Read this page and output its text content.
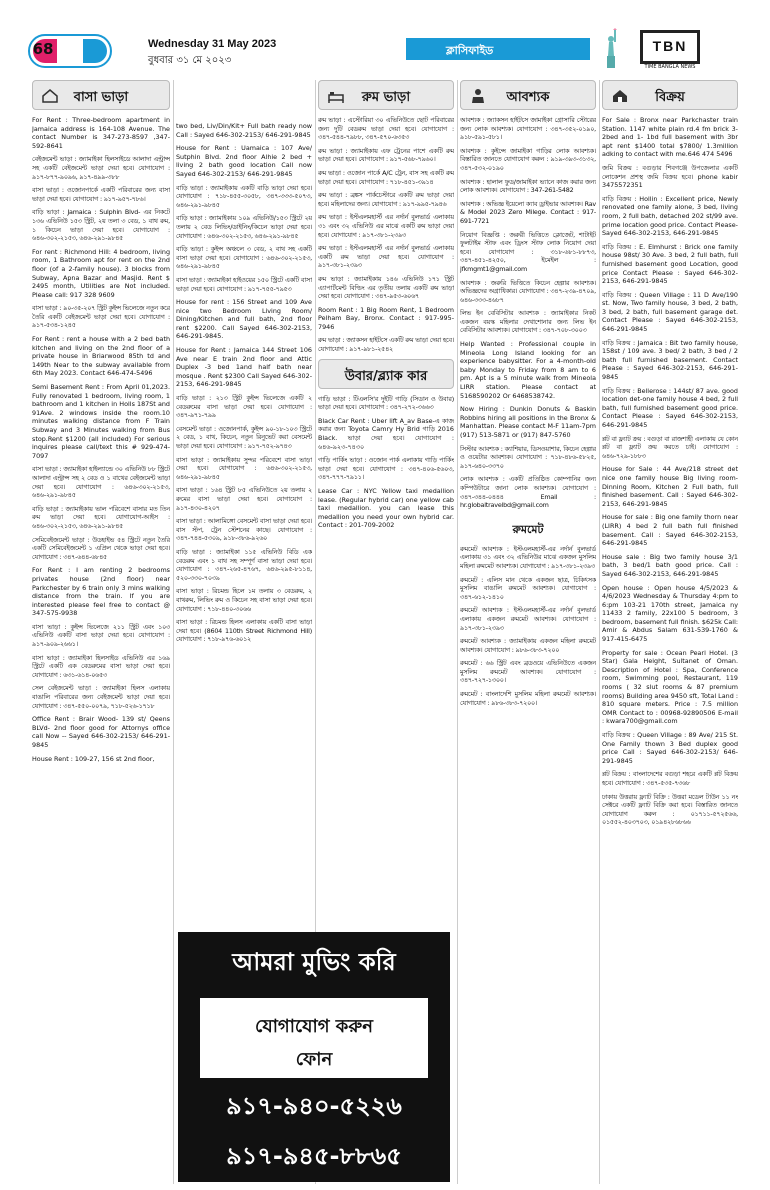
68	Wednesday 31 May 2023
বুধবার ৩১ মে ২০২৩
ক্লাসিফাইড	TBN
TIME BANGLA NEWS
বাসা ভাড়া
For Rent : Three-bedroom apartment in Jamaica address is 164-108 Avenue. The contact Number is 347-273-8597 ,347-592-8641
বেইজমেন্ট ভাড়া : জ্যামাইকা হিলসাইডে আলাদা এন্ট্রান্স সহ একটি বেইজমেন্ট ভাড়া দেয়া হবে। যোগাযোগ : ৯১৭-৮৭৭-৯০৯৬, ৯১৭-৪৯৯-৩৮৮
বাসা ভাড়া : ওজোনপার্কে একটি পরিবারের জন্য বাসা ভাড়া দেয়া হবে। যোগাযোগ : ৯১৭-৯৫৭-৭৮৬।
বাড়ি ভাড়া : Jamaica : Sulphin Blvd- এর নিকটে ১৩৬ এভিনিউ ১৫৩ স্ট্রিট, ২য় তলা ৩ বেড, ১ বাথ রুম, ১ কিচেন ভাড়া দেয়া হবে। যোগাযোগ : ৬৪৬-৩০২-২১৫৩, ৬৪৬-২৯১-৯৮৪৫
For rent : Richmond Hill: 4 bedroom, living room, 1 Bathroom apt for rent on the 2nd floor (of a 2-family house). 3 blocks from Subway, Apna Bazar and Masjid. Rent $ 2495 month, Utilities are Not included. Please call: 917 328 9609
বাসা ভাড়া : ৯০-৩৫-২০৭ স্ট্রিট কুইন্স ভিলেজে নতুন করে তৈরি একটি বেইজমেন্ট ভাড়া দেয়া হবে। যোগাযোগ : ৯১৭-৫৩৪-১২৪৫
For Rent : rent a house with a 2 bed bath kitchen and living on the 2nd floor of a private house in Briarwood 85th td and 149th Near to the subway available from 6th May 2023. Contact 646-474-5496
Semi Basement Rent : From April 01,2023. Fully renovated 1 bedroom, living room, 1 bathroom and 1 kitchen in Holls 187St and 91Ave. 2 windows inside the room.10 minutes walking distance from F Train Subway and 3 Minutes walking from Bus stop.Rent $1200 (all included) For serious inquires please call/text this # 929-474-7097
বাসা ভাড়া : জ্যামাইকা হাইল্যান্ডে ৩০ এভিনিউ ৮৮ স্ট্রিটে আলাদা এন্ট্রান্স সহ ২ বেড ও ১ বাথের বেইজমেন্ট ভাড়া দেয়া হবে। যোগাযোগ : ৬৪৬-৩০২-২১৫৩, ৬৪৬-২৯১-৯৮৪৫
বাড়ি ভাড়া : জ্যামাইকায় ভাল পরিবেশে বাসার মত তিন রুম ভাড়া দেয়া হবে। যোগাযোগ-আইস : ৬৪৬-৩০২-২১৫৩, ৬৪৬-২৯১-৯৮৪৫
সেমিবেইজমেন্ট ভাড়া : উডহাইভ ৫৪ স্ট্রিটে নতুন তৈরি একটি সেমিবেইজমেন্ট ১ এপ্রিল থেকে ভাড়া দেয়া হবে। যোগাযোগ : ৩৪৭-৬৪৪-৬৮৪৫
For Rent : I am renting 2 bedrooms privates house (2nd floor) near Parkchester by 6 train only 3 mins walking distance from the train. If you are interested please feel free to contact @ 347-575-9938
বাসা ভাড়া : কুইন্স ভিলেজে ২১১ স্ট্রিট এবং ১০৩ এভিনিউ একটি বাসা ভাড়া দেয়া হবে। যোগাযোগ : ৯১৭-৯০৯-২৬৬১।
বাসা ভাড়া : জ্যামাইকা হিলসাইড এভিনিউ এর ১৬৯ স্ট্রিটে একটি এক বেডরুমের বাসা ভাড়া দেয়া হবে। যোগাযোগ : ৬৩১-৬১৪-০৬৫৩
সেল বেইজমেন্ট ভাড়া : জ্যামাইকা হিলস এলাকায় বাঙালি পরিবারের জন্য বেইজমেন্ট ভাড়া দেয়া হবে। যোগাযোগ : ৩৪৭-৫৫০-০০৭৯, ৭১৮-৫২৬-১৭১৮
Office Rent : Brair Wood- 139 st/ Qeens BLVd- 2nd floor good for Attornys office call Now -- Sayed 646-302-2153/ 646-291-9845
House Rent : 109-27, 156 st 2nd floor,
two bed, Liv/Din/Kit+ Full bath ready now Call : Sayed 646-302-2153/ 646-291-9845
House for Rent : Uamaica : 107 Ave/ Sutphin Blvd. 2nd floor Alhie 2 bed + living 2 bath good location Call now Sayed 646-302-2153/ 646-291-9845
বাড়ি ভাড়া : জ্যামাইকায় একটি বাড়ি ভাড়া দেয়া হবে। যোগাযোগ : ৭১৮-৪৫৫-৩০৫৮, ৩৪৭-৩৩৩-৫০৭৩, ৬৪৬-২৯১-৯৮৪৫
বাড়ি ভাড়া : জ্যামাইকায় ১০৯ এভিনিউ/১৫৩ স্ট্রিটে ২য় তলায় ২ বেড লিভিং/ডাইনিং/কিচেন ভাড়া দেয়া হবে। যোগাযোগ : ৬৪৬-৩০২-২১৫৩, ৬৪৬-২৯১-৯৮৪৫
বাড়ি ভাড়া : কুইন্স অঞ্চলে ৩ বেড, ২ বাথ সহ একটি বাসা ভাড়া দেয়া হবে। যোগাযোগ : ৬৪৬-৩০২-২১৫৩, ৬৪৬-২৯১-৯৮৪৫
বাসা ভাড়া : জ্যামাইকা হাইওয়ের ১৫০ স্ট্রিটে একটি বাসা ভাড়া দেয়া হবে। যোগাযোগ : ৯১৭-৭৫৫-৭৯৫৩
House for rent : 156 Street and 109 Ave nice two Bedroom Living Room/ Dining/Kitchen and full bath, 2nd floor rent $2200. Call Sayed 646-302-2153, 646-291-9845.
House for Rent : Jamaica 144 Street 106 Ave near E train 2nd floor and Attic Duplex -3 bed 1and half bath near mosque . Rent $2300 Call Sayed 646-302-2153, 646-291-9845
বাড়ি ভাড়া : ২১৩ স্ট্রিট কুইন্স ভিলেজে একটি ২ বেডরুমের বাসা ভাড়া দেয়া হবে। যোগাযোগ : ৩৪৭-৯৭১-৭৯৯
বেসমেন্ট ভাড়া : ওজোনপার্ক, কুইন্স ৯০-১৮-১০৩ স্ট্রিটে ২ বেড, ১ বাথ, কিচেন, নতুন রিনুভেট করা বেসমেন্ট ভাড়া দেয়া হবে। যোগাযোগ : ৯১৭-৭৫২-৯৭৪৩
বাসা ভাড়া : জ্যামাইকায় সুন্দর পরিবেশে বাসা ভাড়া দেয়া হবে। যোগাযোগ : ৬৪৬-৩০২-২১৫৩, ৬৪৬-২৯১-৯৮৪৫
বাসা ভাড়া : ১৬৪ স্ট্রিট ৮৫ এভিনিউতে ২য় তলায় ২ রুমের বাসা ভাড়া দেয়া হবে। যোগাযোগ : ৯১৭-৪৩০-৪২০৭
বাসা ভাড়া : আলামিঙ্গো বেসমেন্ট বাসা ভাড়া দেয়া হবে। বাস স্টপ, ট্রেন স্টেশনের কাছে। যোগাযোগ : ৩৪৭-৭৪৪-৫৩০৯, ৯১৮-৩৮৬-৯২৬০
বাড়ি ভাড়া : জ্যামাইকা ১১৫ এভিনিউ বিডি এক বেডরুম এবং ১ বাথ সহ সম্পূর্ণ বাসা ভাড়া দেয়া হবে। যোগাযোগ : ৩৪৭-২৬৫-৪৭৬৭, ৬৪৬-২৯৫-৮১১৪, ৫২০-৩৩০-৭০৩৯
বাসা ভাড়া : রিচমন্ড হিলে ১ম তলায় ৩ বেডরুম, ২ বাথরুম, লিভিং রুম ও কিচেন সহ বাসা ভাড়া দেয়া হবে। যোগাযোগ : ৭১৮-৪৪০-৩০৬৬
বাসা ভাড়া : রিচমন্ড হিলস এলাকায় একটি বাসা ভাড়া দেয়া হবে। (8604 110th Street Richmond Hill) যোগাযোগ : ৭১৮-৯৭৬-৬০১২
রুম ভাড়া
রুম ভাড়া : এস্টোরিয়া ৩০ এভিনিউতে ছোট পরিবারের জন্য দুটি বেডরুম ভাড়া দেয়া হবে। যোগাযোগ : ৩৪৭-৫৪৪-৭৯৮৮, ৩৪৭-৫৭০-৬৩৫৩
রুম ভাড়া : জ্যামাইকায় এফ ট্রেনের পাশে একটি রুম ভাড়া দেয়া হবে। যোগাযোগ : ৯১৭-৫৬৮-৭৯৬০।
রুম ভাড়া : ওজোন পার্কে A/C ট্রেন, বাস সহ একটি রুম ভাড়া দেয়া হবে। যোগাযোগ : ৭১৮-৪৫১-৩৯১৪
রুম ভাড়া : ব্রঙ্কস পার্কচেস্টারে একটি রুম ভাড়া দেয়া হবে। মহিলাদের জন্য। যোগাযোগ : ৯১৭-৯৯৫-৭৯৪৬
রুম ভাড়া : ইস্টএলমহার্স্ট এর নর্দার্ন বুলভার্ড এলাকায় ৩১ এবং ৩২ এভিনিউ এর মাঝে একটি রুম ভাড়া দেয়া হবে। যোগাযোগ : ৯১৭-৩৮১-২৩৯৩
রুম ভাড়া : ইস্টএলমহার্স্ট এর নর্দার্ন বুলভার্ড এলাকায় একটি রুম ভাড়া দেয়া হবে। যোগাযোগ : ৯১৭-৩৮১-২৩৯৩
রুম ভাড়া : জ্যামাইকায় ১৪৬ এভিনিউ ১৭১ স্ট্রিট এ্যাপার্টমেন্ট বিল্ডিং এর তৃতীয় তলায় একটি রুম ভাড়া দেয়া হবে। যোগাযোগ : ৩৪৭-৯৫৩-৬০৬৭
Room Rent : 1 Big Room Rent, 1 Bedroom Pelham Bay, Bronx. Contact : 917-995-7946
রুম ভাড়া : জ্যাকসন হাইটসে একটি রুম ভাড়া দেয়া হবে। যোগাযোগ : ৯১৭-৯৮১-২৫৪২
উবার/ব্ল্যাক কার
গাড়ি ভাড়া : টিএলসি'র দুইটি গাড়ি (সিডান ও উবার) ভাড়া দেয়া হবে। যোগাযোগ : ৩৪৭-২৭২-৩৬৬৩
Black Car Rent : Uber lift A_av Base-এ কাজ করার জন্য Toyota Camry Hy Brid গাড়ি 2016 Black. ভাড়া দেয়া হবে। যোগাযোগ : ৬৪৬-৯২৩-৭৪৩০
গাড়ি পার্কিং ভাড়া : ওজোন পার্ক এলাকায় গাড়ি পার্কিং ভাড়া দেয়া হবে। যোগাযোগ : ৩৪৭-৪০৬-৫৬০৩, ৩৪৭-৭৭৭-৭৯১১।
Lease Car : NYC Yellow taxi medallion lease. (Regular hybrid car) one yellow cab taxi medallion. you can lease this medallion you need your own hybrid car. Contact : 201-709-2002
আবশ্যক
আবশ্যক : জ্যাকসন হাইটসে জামাইকা গ্রোসারি স্টোরের জন্য লোক আবশ্যক। যোগাযোগ : ৩৪৭-৩৫২-০১৯০, ৯১৮-৫৯১-৫৮১।
আবশ্যক : কুইন্সে জামাইকা গাড়ির লোক আবশ্যক। বিস্তারিত জানতে যোগাযোগ করুন : ৯১৯-৩৯৩-৩১৩২, ৩৪৭-৫৩২-০১৯০
আবশ্যক : হালাল ফুড/জামাইকা ভ্যানে কাজ করার জন্য লোক আবশ্যক। যোগাযোগ : 347-261-5482
আবশ্যক : অভিজ্ঞ ইয়েলো ক্যাব ড্রাইভার আবশ্যক। Rav & Model 2023 Zero Milege. Contact : 917-691-7721
নিয়োগ বিজ্ঞপ্তি : জরুরী ভিত্তিতে ক্লোজেট, শাটাইট ফুলটাইম স্টাফ এবং ড্রিংস স্টাফ লোক নিয়োগ দেয়া হবে। যোগাযোগ : ৩১৮-৬৮১-৮৮৭৩, ৩৪৭-৪৫১-৪২৫০, ইমেইল : jfkmgmt1@gmail.com
আবশ্যক : জরুরি ভিত্তিতে কিচেন হেল্পার আবশ্যক। অভিজ্ঞদের অগ্রাধিকার। যোগাযোগ : ৩৪৭-২৩৯-৪৭০৯, ৬৪৬-৩৩৩-৪৬৮৭
লিভ ইন বেবিসিটার আবশ্যক : জ্যামাইকার নিকট একজন বয়স্ক মহিলার দেখাশোনার জন্য লিভ ইন বেবিসিটার আবশ্যক। যোগাযোগ : ৩৪৭-৭০৮-৩০০৩
Help Wanted : Professional couple in Mineola Long Island looking for an experience babysitter. For a 4-month-old baby Monday to Friday from 8 am to 6 pm. Apt is a 5 minute walk from Mineola LIRR station. Please contact at 5168590202 Or 6468538742.
Now Hiring : Dunkin Donuts & Baskin Robbins hiring all positions in the Bronx & Manhattan. Please contact M-F 11am-7pm (917) 513-5871 or (917) 847-5760
সিস্টার আবশ্যক : ক্যাশিয়ার, ডিসওয়াশার, কিচেন হেল্পার ও ওয়েটার আবশ্যক। যোগাযোগ : ৭১৮-৪৮৬-৫৮২৫, ৯১৭-৬৪০-৩৩৭০
লোক আবশ্যক : একটি প্রতিষ্ঠিত কোম্পানির জন্য কম্পিউটারে জানা লোক আবশ্যক। যোগাযোগ : ৩৪৭-৩৪৪-০৪৪৪ Email : hr.globaltravelbd@gmail.com
রুমমেট
রুমমেট আবশ্যক : ইস্টএলমহার্স্ট-এর নর্দার্ন বুলভার্ড এলাকায় ৩১ এবং ৩২ এভিনিউর মাঝে একজন মুসলিম মহিলা রুমমেট আবশ্যক। যোগাযোগ : ৯১৭-৩৮১-২৩৯৩
রুমমেট : এলিস মান থেকে একজন ছাত্র, চিকিৎসক মুসলিম বাঙালি রুমমেট আবশ্যক। যোগাযোগ : ৩৪৭-৬১২-১৪১০
রুমমেট আবশ্যক : ইস্টএলমহার্স্ট-এর নর্দার্ন বুলভার্ড এলাকায় একজন রুমমেট আবশ্যক। যোগাযোগ : ৯১৭-৩৮১-২৩৯৩
রুমমেট আবশ্যক : জ্যামাইকায় একজন মহিলা রুমমেট আবশ্যক। যোগাযোগ : ৯৮৬-৩৮৩-৭২০০
রুমমেট : ৬৬ স্ট্রিট এবং ব্রডওয়ে এভিনিউতে একজন মুসলিম রুমমেট আবশ্যক। যোগাযোগ : ৩৪৭-৭২৭-১৩০০।
রুমমেট : বাংলাদেশি মুসলিম মহিলা রুমমেট আবশ্যক। যোগাযোগ : ৯৮৬-৩৮৩-৭২০০।
বিক্রয়
For Sale : Bronx near Parkchaster train Station. 1147 white plain rd.4 fm brick 3-2bed and 1- 1bd full basement with 3br apt rent $1400 total $7800/ 1.3million adking to contact with me.646 474 5496
জমি বিক্রয় : বগুড়ার শিবগঞ্জে উপজেলার একটি লোকেশন প্রশস্থ জমি বিক্রয় হবে। phone kabir 3475572351
বাড়ি বিক্রয় : Hollin : Excellent price, Newly renovated one family alone, 3 bed, living room, 2 full bath, detached 202 st/99 ave. prime location good price. Contact Please- Sayed 646-302-2153, 646-291-9845
বাড়ি বিক্রয় : E. Elmhurst : Brick one family house 98st/ 30 Ave. 3 bed, 2 full bath, full furnished basement good Location, good price Contact Please : Sayed 646-302-2153, 646-291-9845
বাড়ি বিক্রয় : Queen Village : 11 D Ave/190 st. Now, Two family house, 3 bed, 2 bath, 3 bed, 2 bath, full basement garage det. Contact Please : Sayed 646-302-2153, 646-291-9845
বাড়ি বিক্রয় : Jamaica : Bit two family house, 158st / 109 ave. 3 bed/ 2 bath, 3 bed / 2 bath full furnished basement. Contact Please : Sayed 646-302-2153, 646-291-9845
বাড়ি বিক্রয় : Bellerose : 144st/ 87 ave. good location det-one family house 4 bed, 2 full bath, full furnished basement good price. Contact Please : Sayed 646-302-2153, 646-291-9845
প্লট বা ফ্ল্যাট ক্রয় : বগুড়া বা রাজশাহী এলাকায় যে কোন প্লট বা ফ্ল্যাট ক্রয় করতে চাই। যোগাযোগ : ৬৪৬-৭২৯-১৮৮৩
House for Sale : 44 Ave/218 street det nice one family house Big living room- Dinning Room, Kitchen 2 Full bath, full finished basement. Call : Sayed 646-302-2153, 646-291-9845
House for sale : Big one family thorn near (LIRR) 4 bed 2 full bath full finished basement. Call : Sayed 646-302-2153, 646-291-9845
House sale : Big two family house 3/1 bath, 3 bed/1 bath good price. Call : Sayed 646-302-2153, 646-291-9845
Open house : Open house 4/5/2023 & 4/6/2023 Wednesday & Thursday 4:pm to 6:pm 103-21 170th street, Jamaica ny 11433 2 family, 22x100 5 bedroom, 3 bedroom, basement full finish. $625k Call: Amir & Abdus Salam 631-539-1760 & 917-415-6475
Property for sale : Ocean Pearl Hotel. (3 Star) Gala Height, Sultanet of Oman. Description of Hotel : Spa, Conference room, Swimming pool, Restaurant, 119 rooms ( 32 slut rooms & 87 premium rooms) Building area 9450 sft, Total Land : 810 square meters. Price : 7.5 million OMR Contact to : 00968-92890506 E-mail : kwara700@gmail.com
বাড়ি বিক্রয় : Queen Village : 89 Ave/ 215 St. One Family thown 3 Bed duplex good price Call : Sayed 646-302-2153/ 646-291-9845
প্লট বিক্রয় : বাংলাদেশের বগুড়া শহরে একটি প্লট বিক্রয় হবে। যোগাযোগ : ৩৪৭-৫৩৫-৭৩৬৮
ঢাকায় উত্তরায় ফ্ল্যাট বিক্রি : উত্তরা মডেল টাউন ১১ নং সেক্টরে একটি ফ্ল্যাট বিক্রি করা হবে। বিস্তারিত জানতে যোগাযোগ করুন : ০১৭১১-৫৭২৫৬৬, ০১৫৫২-৪০৩৭০৩, ০১৯৪২৮৬৮৬৬
আমরা মুভিং করি
যোগাযোগ করুন
ফোন
৯১৭-৯৪০-৫২২৬
৯১৭-৯৪৫-৮৮৬৫
